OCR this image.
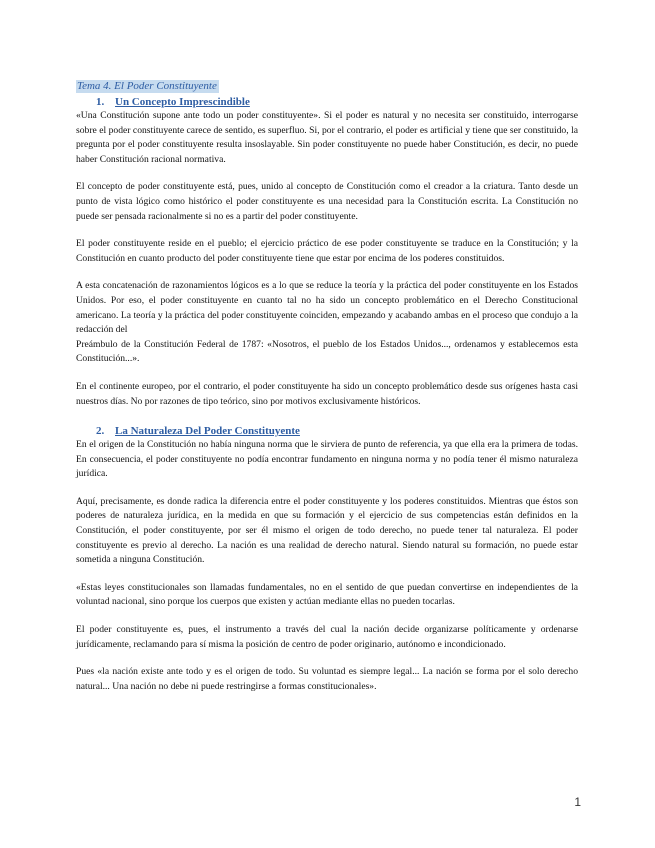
Tema 4. El Poder Constituyente
1. Un Concepto Imprescindible

«Una Constitución supone ante todo un poder constituyente». Si el poder es natural y no necesita ser constituido, interrogarse sobre el poder constituyente carece de sentido, es superfluo. Si, por el contrario, el poder es artificial y tiene que ser constituido, la pregunta por el poder constituyente resulta insoslayable. Sin poder constituyente no puede haber Constitución, es decir, no puede haber Constitución racional normativa.

El concepto de poder constituyente está, pues, unido al concepto de Constitución como el creador a la criatura. Tanto desde un punto de vista lógico como histórico el poder constituyente es una necesidad para la Constitución escrita. La Constitución no puede ser pensada racionalmente si no es a partir del poder constituyente.

El poder constituyente reside en el pueblo; el ejercicio práctico de ese poder constituyente se traduce en la Constitución; y la Constitución en cuanto producto del poder constituyente tiene que estar por encima de los poderes constituidos.

A esta concatenación de razonamientos lógicos es a lo que se reduce la teoría y la práctica del poder constituyente en los Estados Unidos. Por eso, el poder constituyente en cuanto tal no ha sido un concepto problemático en el Derecho Constitucional americano. La teoría y la práctica del poder constituyente coinciden, empezando y acabando ambas en el proceso que condujo a la redacción del

Preámbulo de la Constitución Federal de 1787: «Nosotros, el pueblo de los Estados Unidos..., ordenamos y establecemos esta Constitución...».

En el continente europeo, por el contrario, el poder constituyente ha sido un concepto problemático desde sus orígenes hasta casi nuestros días. No por razones de tipo teórico, sino por motivos exclusivamente históricos.

2. La Naturaleza Del Poder Constituyente

En el origen de la Constitución no había ninguna norma que le sirviera de punto de referencia, ya que ella era la primera de todas. En consecuencia, el poder constituyente no podía encontrar fundamento en ninguna norma y no podía tener él mismo naturaleza jurídica.

Aquí, precisamente, es donde radica la diferencia entre el poder constituyente y los poderes constituidos. Mientras que éstos son poderes de naturaleza jurídica, en la medida en que su formación y el ejercicio de sus competencias están definidos en la Constitución, el poder constituyente, por ser él mismo el origen de todo derecho, no puede tener tal naturaleza. El poder constituyente es previo al derecho. La nación es una realidad de derecho natural. Siendo natural su formación, no puede estar sometida a ninguna Constitución.

«Estas leyes constitucionales son llamadas fundamentales, no en el sentido de que puedan convertirse en independientes de la voluntad nacional, sino porque los cuerpos que existen y actúan mediante ellas no pueden tocarlas.

El poder constituyente es, pues, el instrumento a través del cual la nación decide organizarse políticamente y ordenarse jurídicamente, reclamando para sí misma la posición de centro de poder originario, autónomo e incondicionado.

Pues «la nación existe ante todo y es el origen de todo. Su voluntad es siempre legal... La nación se forma por el solo derecho natural... Una nación no debe ni puede restringirse a formas constitucionales».

1
